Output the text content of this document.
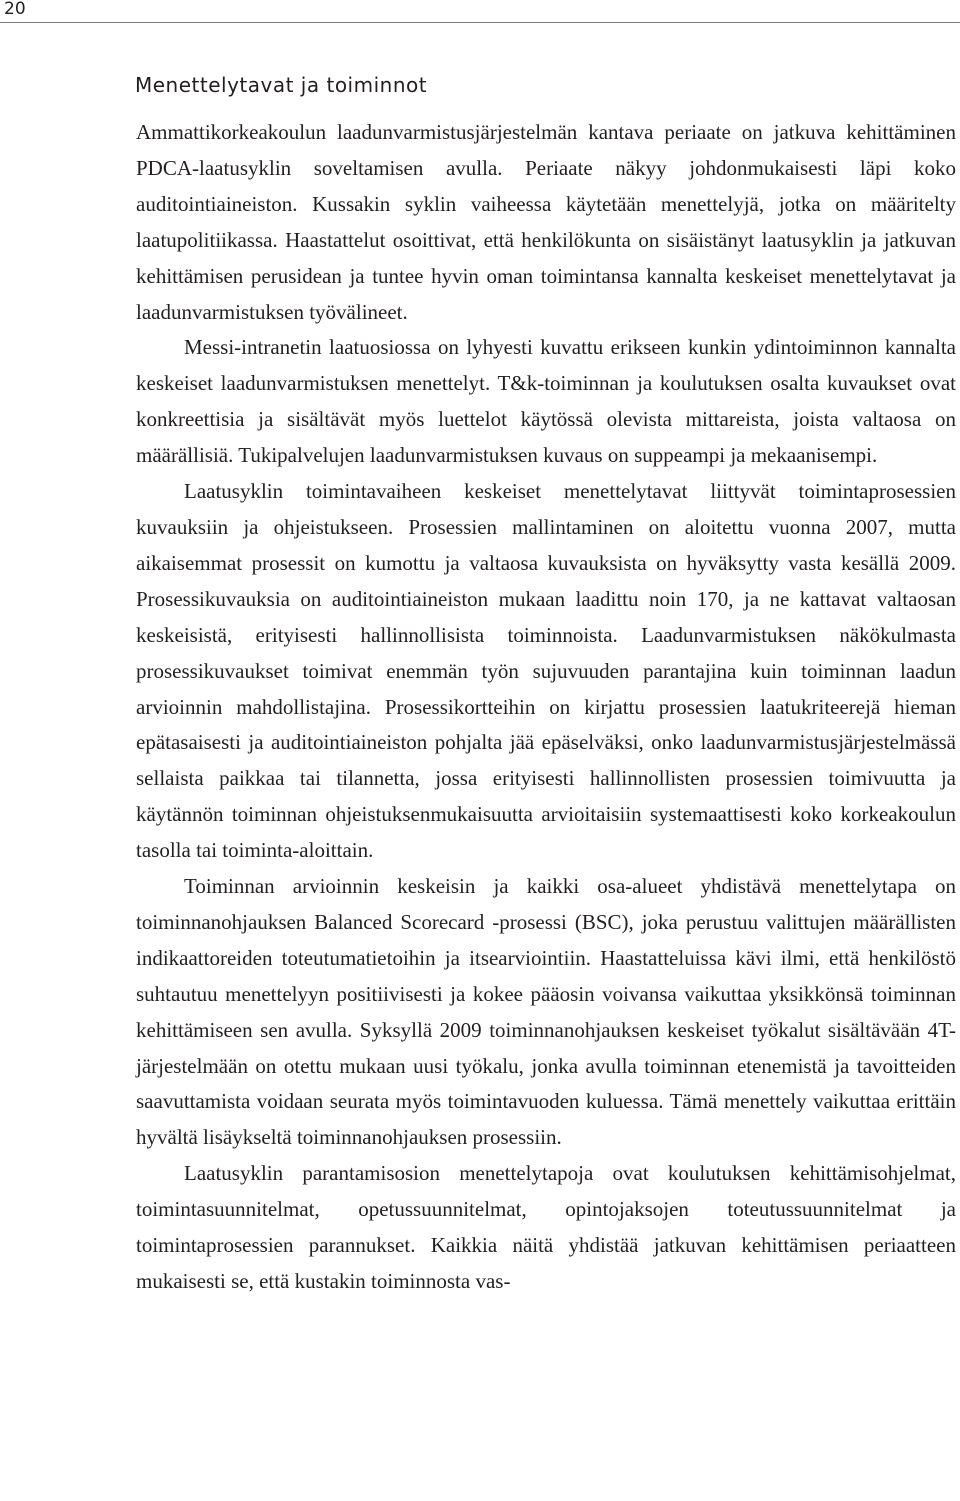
20
Menettelytavat ja toiminnot

Ammattikorkeakoulun laadunvarmistusjärjestelmän kantava periaate on jatkuva kehittäminen PDCA-laatusyklin soveltamisen avulla. Periaate näkyy johdonmukaisesti läpi koko auditointiaineiston. Kussakin syklin vaiheessa käytetään menettelyjä, jotka on määritelty laatupolitiikassa. Haastattelut osoittivat, että henkilökunta on sisäistänyt laatusyklin ja jatkuvan kehittämisen perusidean ja tuntee hyvin oman toimintansa kannalta keskeiset menettelytavat ja laadunvarmistuksen työvälineet.

Messi-intranetin laatuosiossa on lyhyesti kuvattu erikseen kunkin ydintoiminnon kannalta keskeiset laadunvarmistuksen menettelyt. T&k-toiminnan ja koulutuksen osalta kuvaukset ovat konkreettisia ja sisältävät myös luettelot käytössä olevista mittareista, joista valtaosa on määrällisiä. Tukipalvelujen laadunvarmistuksen kuvaus on suppeampi ja mekaanisempi.

Laatusyklin toimintavaiheen keskeiset menettelytavat liittyvät toimintaprosessien kuvauksiin ja ohjeistukseen. Prosessien mallintaminen on aloitettu vuonna 2007, mutta aikaisemmat prosessit on kumottu ja valtaosa kuvauksista on hyväksytty vasta kesällä 2009. Prosessikuvauksia on auditointiaineiston mukaan laadittu noin 170, ja ne kattavat valtaosan keskeisistä, erityisesti hallinnollisista toiminnoista. Laadunvarmistuksen näkökulmasta prosessikuvaukset toimivat enemmän työn sujuvuuden parantajina kuin toiminnan laadun arvioinnin mahdollistajina. Prosessikortteihin on kirjattu prosessien laatukriteerejä hieman epätasaisesti ja auditointiaineiston pohjalta jää epäselväksi, onko laadunvarmistusjärjestelmässä sellaista paikkaa tai tilannetta, jossa erityisesti hallinnollisten prosessien toimivuutta ja käytännön toiminnan ohjeistuksenmukaisuutta arvioitaisiin systemaattisesti koko korkeakoulun tasolla tai toiminta-aloittain.

Toiminnan arvioinnin keskeisin ja kaikki osa-alueet yhdistävä menettelytapa on toiminnanohjauksen Balanced Scorecard -prosessi (BSC), joka perustuu valittujen määrällisten indikaattoreiden toteutumatietoihin ja itsearviointiin. Haastatteluissa kävi ilmi, että henkilöstö suhtautuu menettelyyn positiivisesti ja kokee pääosin voivansa vaikuttaa yksikkönsä toiminnan kehittämiseen sen avulla. Syksyllä 2009 toiminnanohjauksen keskeiset työkalut sisältävään 4T-järjestelmään on otettu mukaan uusi työkalu, jonka avulla toiminnan etenemistä ja tavoitteiden saavuttamista voidaan seurata myös toimintavuoden kuluessa. Tämä menettely vaikuttaa erittäin hyvältä lisäykseltä toiminnanohjauksen prosessiin.

Laatusyklin parantamisosion menettelytapoja ovat koulutuksen kehittämisohjelmat, toimintasuunnitelmat, opetussuunnitelmat, opintojaksojen toteutussuunnitelmat ja toimintaprosessien parannukset. Kaikkia näitä yhdistää jatkuvan kehittämisen periaatteen mukaisesti se, että kustakin toiminnosta vas-
